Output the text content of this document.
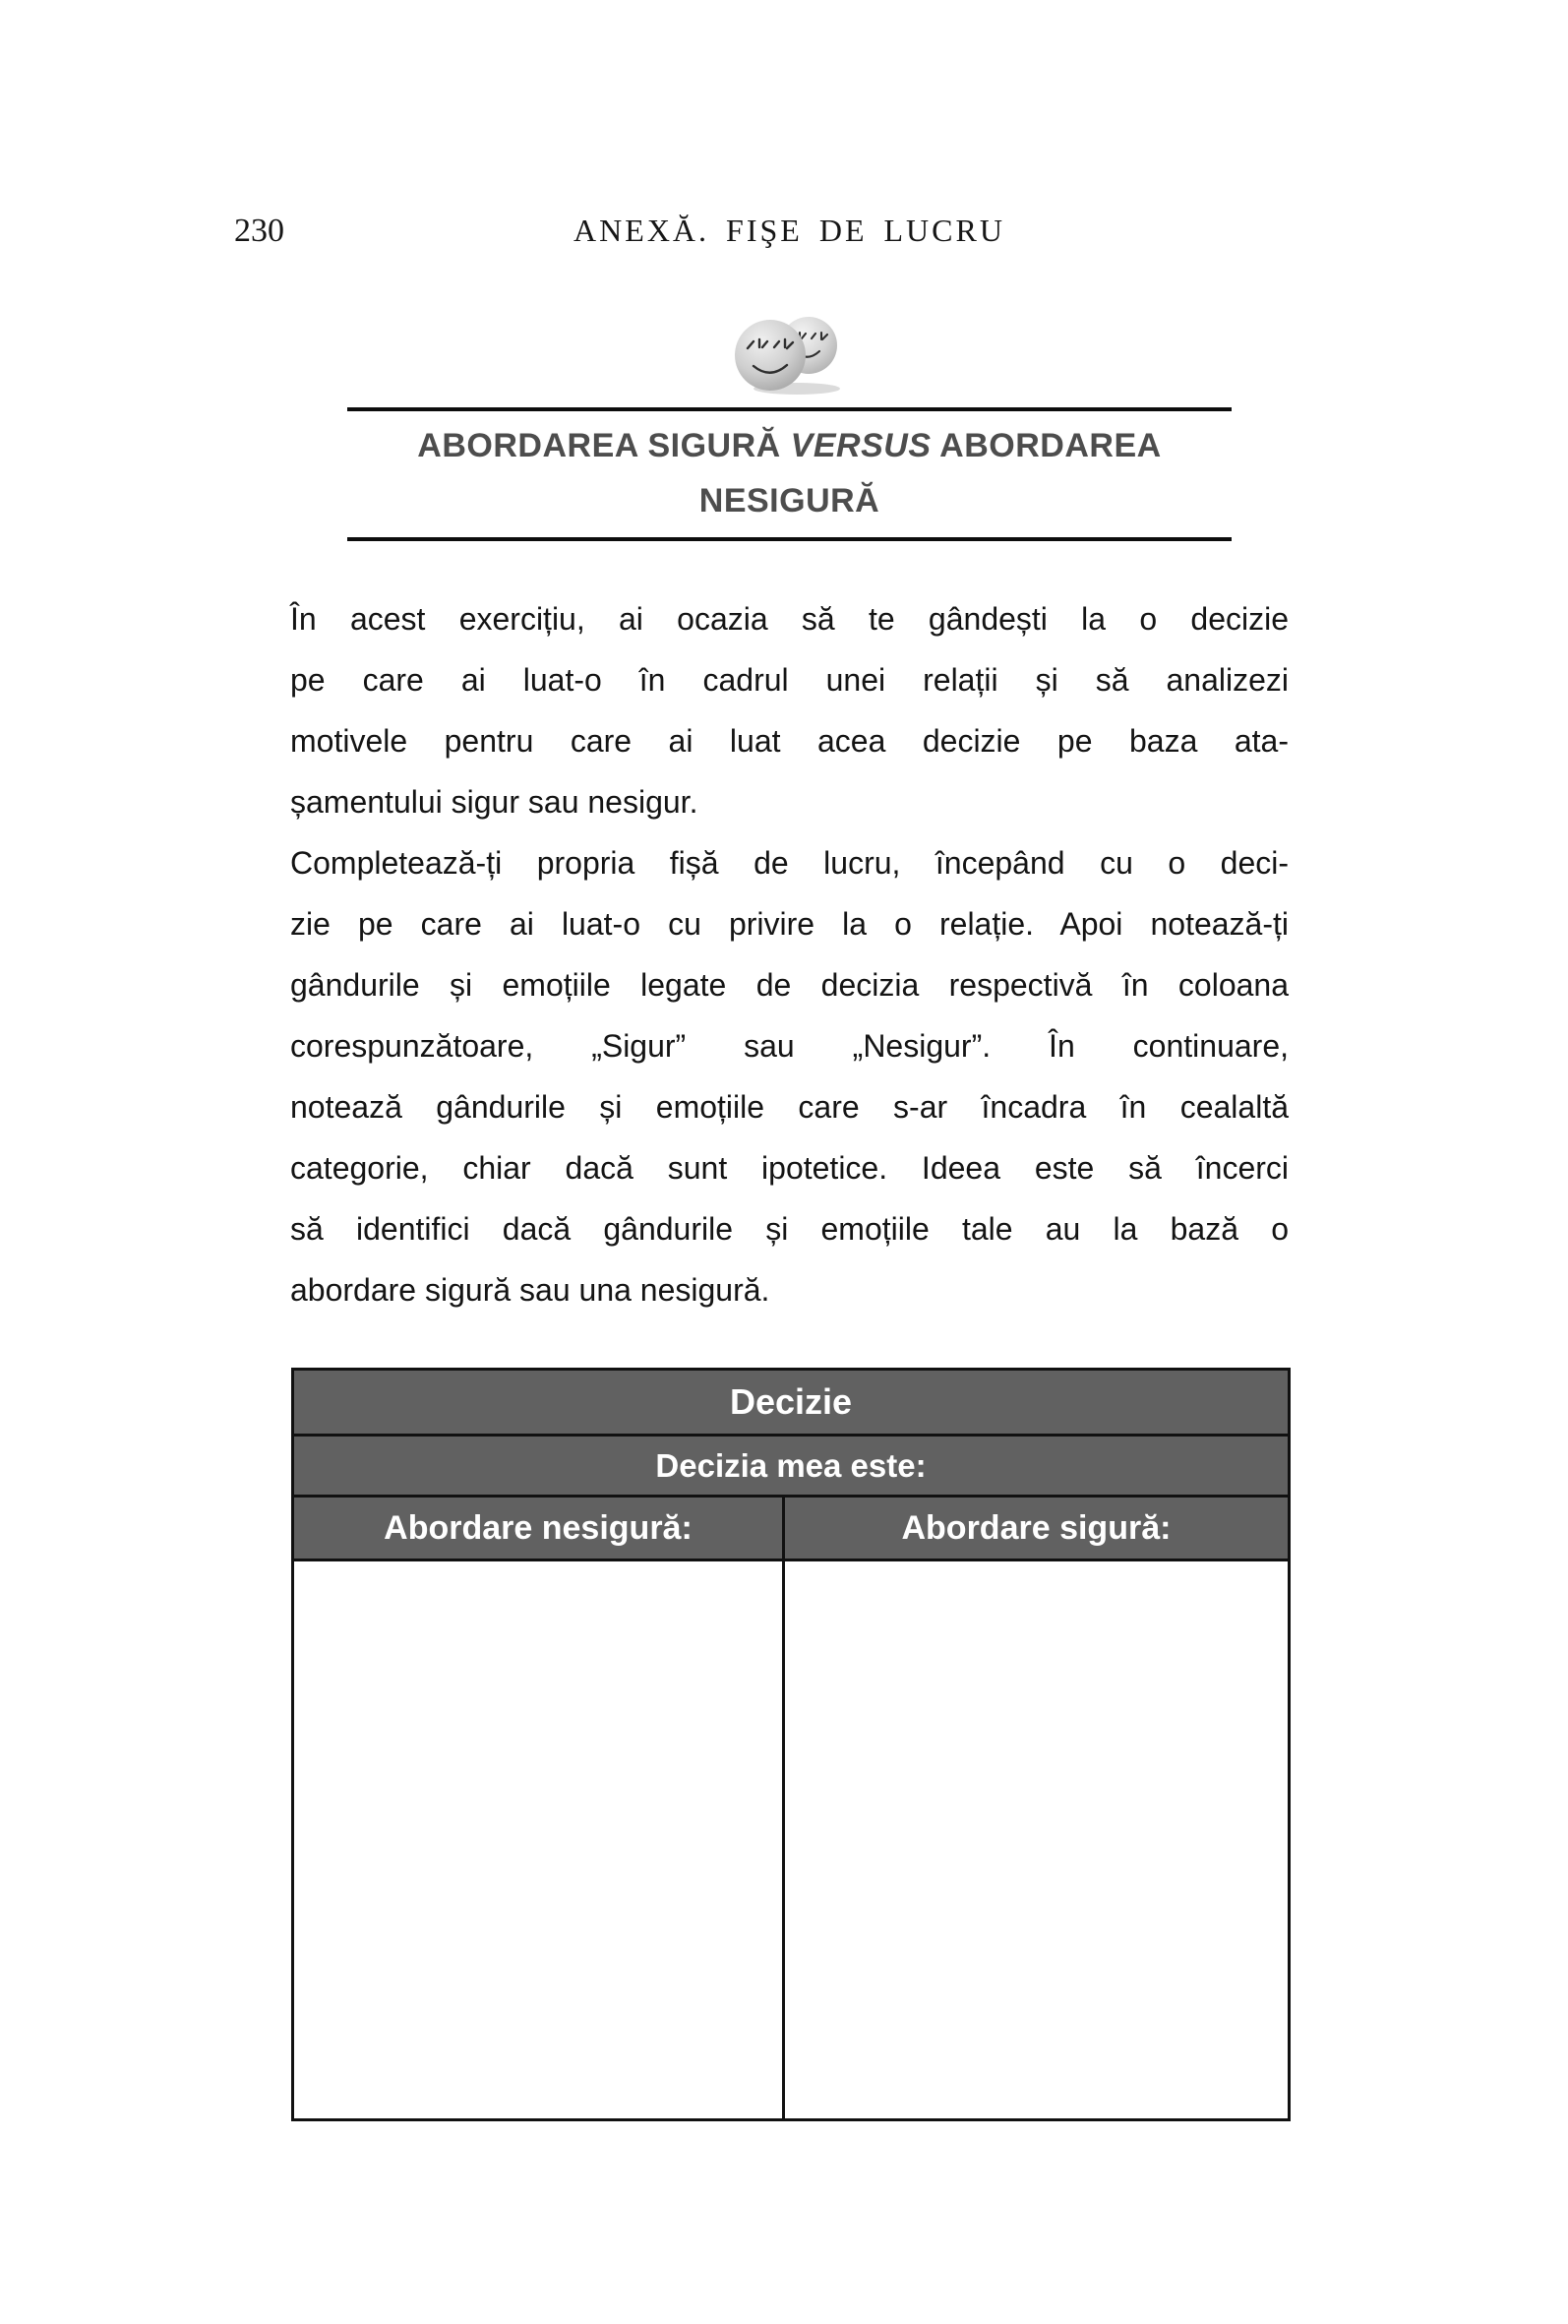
230	ANEXĂ. FIŞE DE LUCRU
ABORDAREA SIGURĂ VERSUS ABORDAREA
NESIGURĂ
În acest exercițiu, ai ocazia să te gândești la o decizie
pe care ai luat-o în cadrul unei relații și să analizezi
motivele pentru care ai luat acea decizie pe baza ata-
șamentului sigur sau nesigur.
Completează-ți propria fișă de lucru, începând cu o deci-
zie pe care ai luat-o cu privire la o relație. Apoi notează-ți
gândurile și emoțiile legate de decizia respectivă în coloana
corespunzătoare, „Sigur” sau „Nesigur”. În continuare,
notează gândurile și emoțiile care s-ar încadra în cealaltă
categorie, chiar dacă sunt ipotetice. Ideea este să încerci
să identifici dacă gândurile și emoțiile tale au la bază o
abordare sigură sau una nesigură.
Decizie
Decizia mea este:
Abordare nesigură:	Abordare sigură:
